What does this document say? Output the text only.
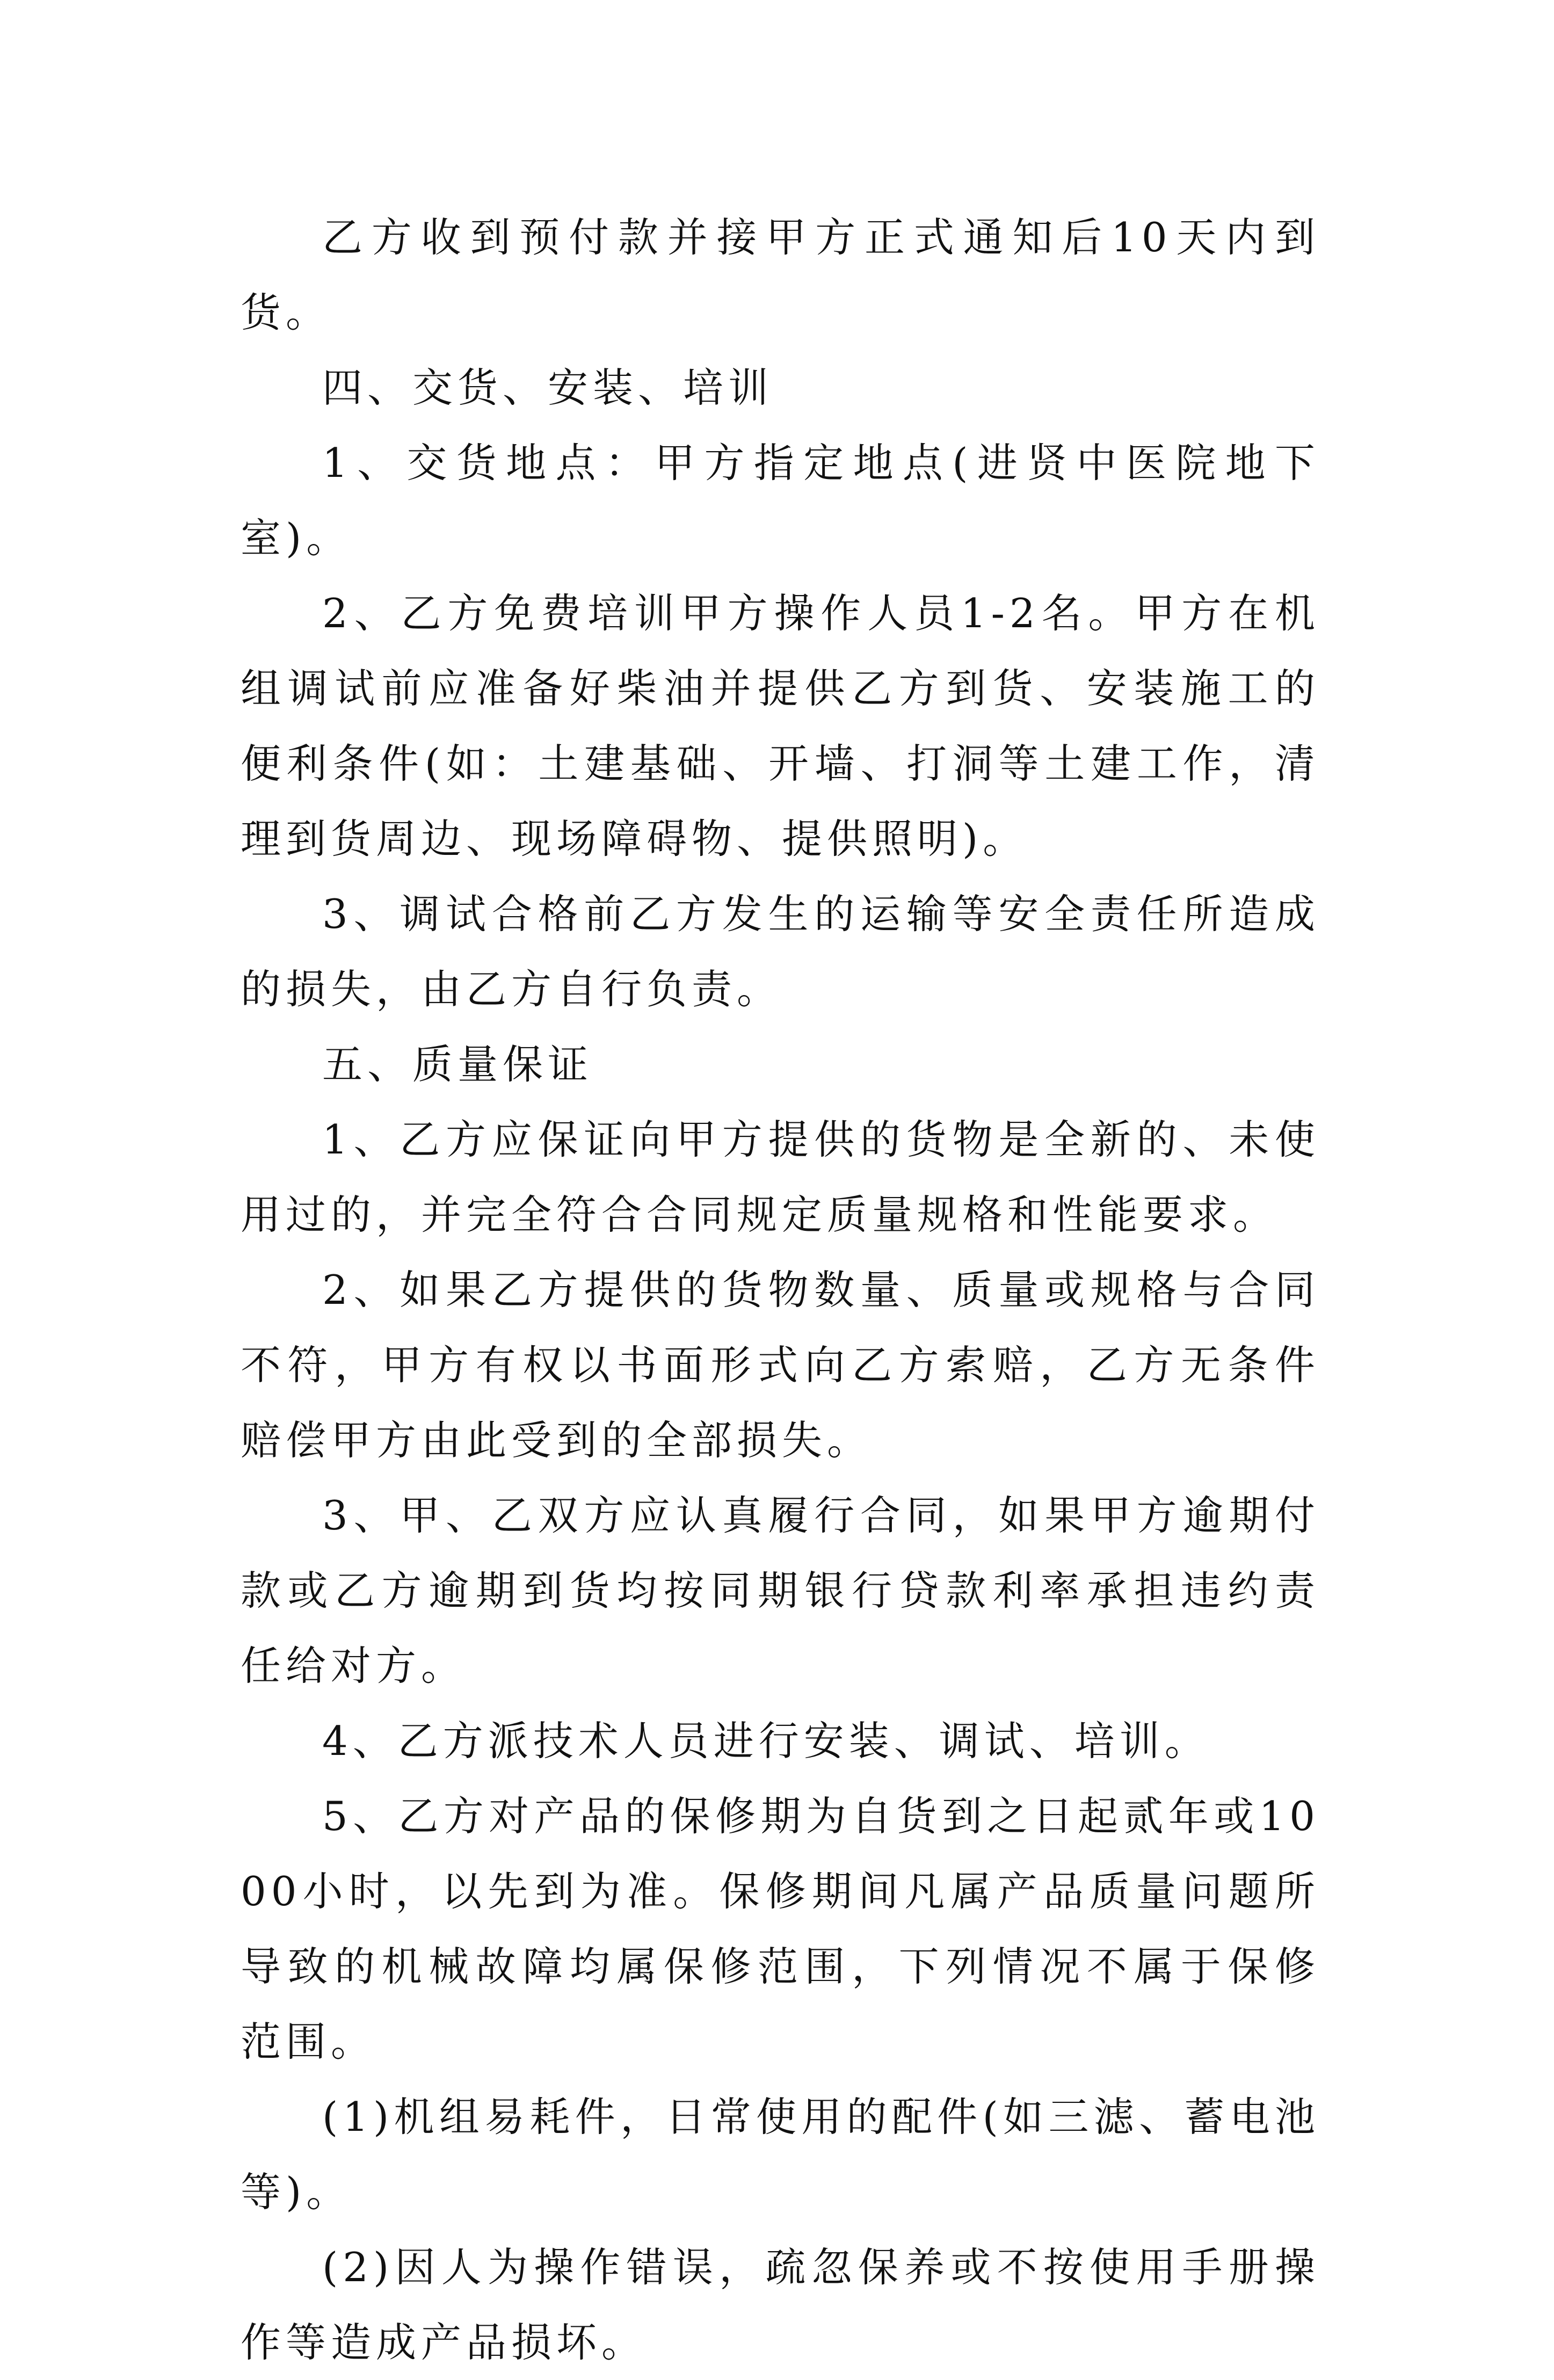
乙方收到预付款并接甲方正式通知后10天内到货。

四、交货、安装、培训

1、交货地点：甲方指定地点(进贤中医院地下室)。

2、乙方免费培训甲方操作人员1-2名。甲方在机组调试前应准备好柴油并提供乙方到货、安装施工的便利条件(如：土建基础、开墙、打洞等土建工作，清理到货周边、现场障碍物、提供照明)。

3、调试合格前乙方发生的运输等安全责任所造成的损失，由乙方自行负责。

五、质量保证

1、乙方应保证向甲方提供的货物是全新的、未使用过的，并完全符合合同规定质量规格和性能要求。

2、如果乙方提供的货物数量、质量或规格与合同不符，甲方有权以书面形式向乙方索赔，乙方无条件赔偿甲方由此受到的全部损失。

3、甲、乙双方应认真履行合同，如果甲方逾期付款或乙方逾期到货均按同期银行贷款利率承担违约责任给对方。

4、乙方派技术人员进行安装、调试、培训。

5、乙方对产品的保修期为自货到之日起贰年或1000小时，以先到为准。保修期间凡属产品质量问题所导致的机械故障均属保修范围，下列情况不属于保修范围。

(1)机组易耗件，日常使用的配件(如三滤、蓄电池等)。

(2)因人为操作错误，疏忽保养或不按使用手册操作等造成产品损坏。
